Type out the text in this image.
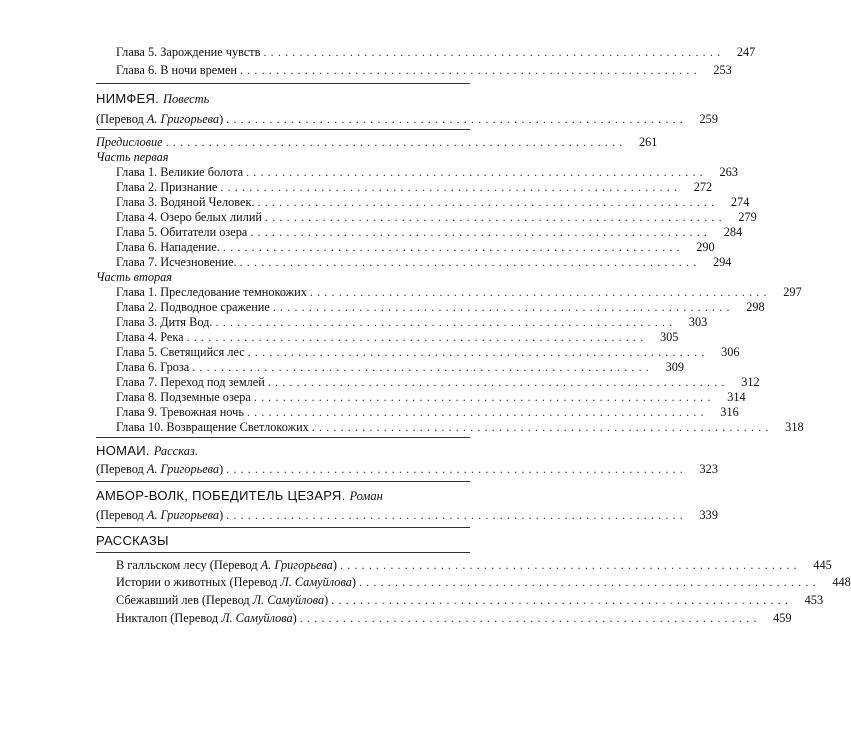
Глава 5. Зарождение чувств ................................................................	247
Глава 6. В ночи времен ................................................................	253
НИМФЕЯ. Повесть
(Перевод А. Григорьева) ................................................................	259
Предисловие ................................................................	261
Часть первая
Глава 1. Великие болота ................................................................	263
Глава 2. Признание ................................................................	272
Глава 3. Водяной Человек. ................................................................	274
Глава 4. Озеро белых лилий ................................................................	279
Глава 5. Обитатели озера ................................................................	284
Глава 6. Нападение. ................................................................	290
Глава 7. Исчезновение. ................................................................	294
Часть вторая
Глава 1. Преследование темнокожих ................................................................	297
Глава 2. Подводное сражение ................................................................	298
Глава 3. Дитя Вод. ................................................................	303
Глава 4. Река ................................................................	305
Глава 5. Светящийся лес ................................................................	306
Глава 6. Гроза ................................................................	309
Глава 7. Переход под землей ................................................................	312
Глава 8. Подземные озера ................................................................	314
Глава 9. Тревожная ночь ................................................................	316
Глава 10. Возвращение Светлокожих ................................................................	318
НОМАИ. Рассказ.
(Перевод А. Григорьева) ................................................................	323
АМБОР-ВОЛК, ПОБЕДИТЕЛЬ ЦЕЗАРЯ. Роман
(Перевод А. Григорьева) ................................................................	339
РАССКАЗЫ
В галльском лесу (Перевод А. Григорьева) ................................................................	445
Истории о животных (Перевод Л. Самуйлова) ................................................................	448
Сбежавший лев (Перевод Л. Самуйлова) ................................................................	453
Никталоп (Перевод Л. Самуйлова) ................................................................	459
